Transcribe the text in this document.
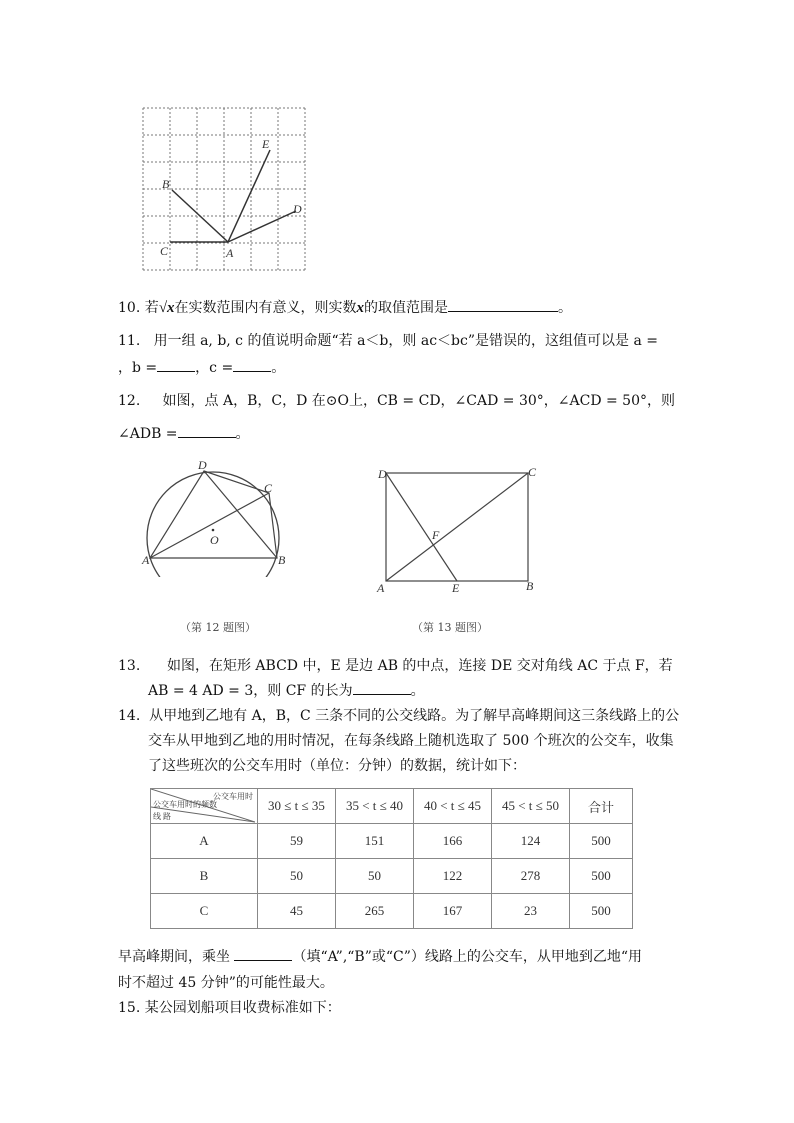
E
B
D
C	A
10. 若√x在实数范围内有意义，则实数x的取值范围是	。
11. 用一组 a, b, c 的值说明命题“若 a＜b，则 ac＜bc”是错误的，这组值可以是 a =
，b =	，c =	。
12. 如图，点 A，B，C，D 在⊙O上，CB = CD，∠CAD = 30°，∠ACD = 50°，则
∠ADB =	。
D
C
O
A	B
（第 12 题图）
D	C
F
A	E	B
（第 13 题图）
13. 如图，在矩形 ABCD 中，E 是边 AB 的中点，连接 DE 交对角线 AC 于点 F，若
AB = 4 AD = 3，则 CF 的长为	。
14. 从甲地到乙地有 A，B，C 三条不同的公交线路。为了解早高峰期间这三条线路上的公
交车从甲地到乙地的用时情况，在每条线路上随机选取了 500 个班次的公交车，收集
了这些班次的公交车用时（单位：分钟）的数据，统计如下：
公交车用时
公交车用时的频数
线 路	30 ≤ t ≤ 35	35 < t ≤ 40	40 < t ≤ 45	45 < t ≤ 50	合计
A	59	151	166	124	500
B	50	50	122	278	500
C	45	265	167	23	500
早高峰期间，乘坐	（填“A”,“B”或“C”）线路上的公交车，从甲地到乙地“用
时不超过 45 分钟”的可能性最大。
15. 某公园划船项目收费标准如下：
